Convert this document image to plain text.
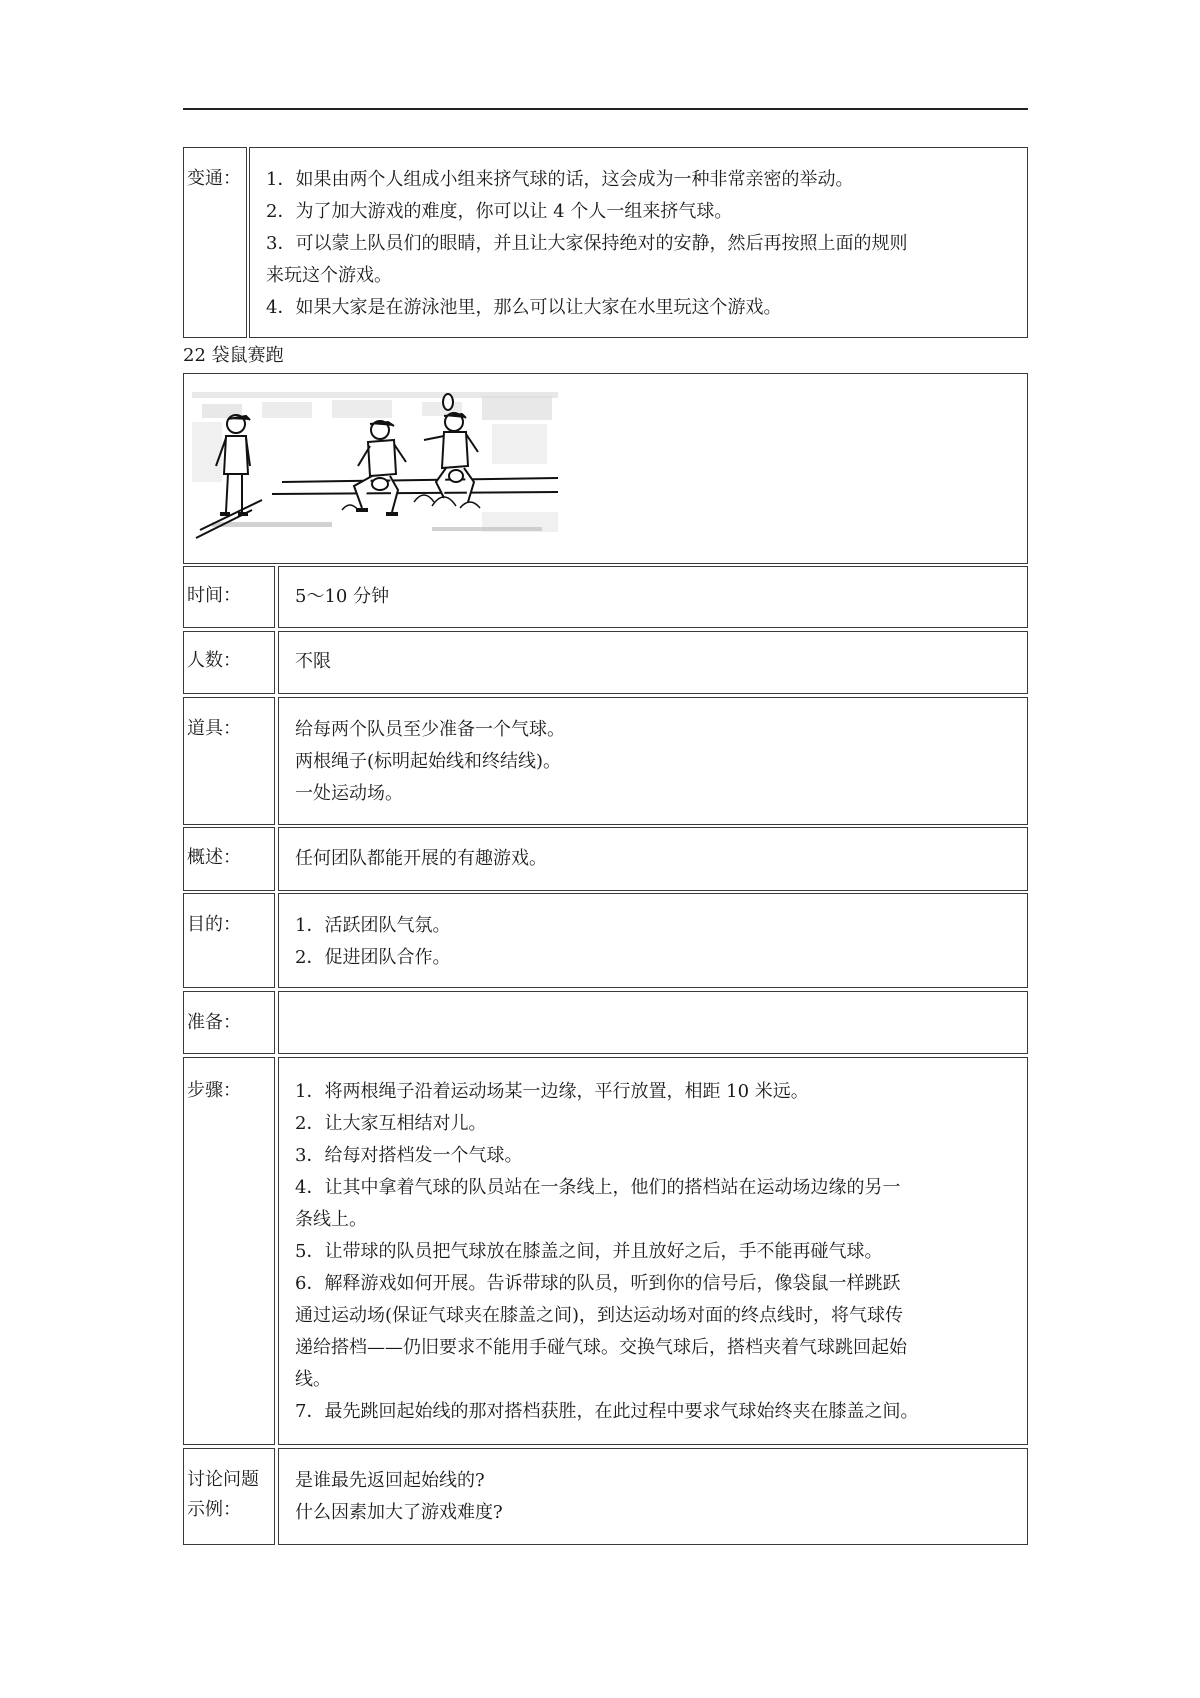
变通： 1．如果由两个人组成小组来挤气球的话，这会成为一种非常亲密的举动。
2．为了加大游戏的难度，你可以让 4 个人一组来挤气球。
3．可以蒙上队员们的眼睛，并且让大家保持绝对的安静，然后再按照上面的规则
来玩这个游戏。
4．如果大家是在游泳池里，那么可以让大家在水里玩这个游戏。
22 袋鼠赛跑
时间：	5～10 分钟
人数：	不限
道具：	给每两个队员至少准备一个气球。
两根绳子(标明起始线和终结线)。
一处运动场。
概述：	任何团队都能开展的有趣游戏。
目的：	1．活跃团队气氛。
2．促进团队合作。
准备：
步骤：	1．将两根绳子沿着运动场某一边缘，平行放置，相距 10 米远。
2．让大家互相结对儿。
3．给每对搭档发一个气球。
4．让其中拿着气球的队员站在一条线上，他们的搭档站在运动场边缘的另一
条线上。
5．让带球的队员把气球放在膝盖之间，并且放好之后，手不能再碰气球。
6．解释游戏如何开展。告诉带球的队员，听到你的信号后，像袋鼠一样跳跃
通过运动场(保证气球夹在膝盖之间)，到达运动场对面的终点线时，将气球传
递给搭档——仍旧要求不能用手碰气球。交换气球后，搭档夹着气球跳回起始
线。
7．最先跳回起始线的那对搭档获胜，在此过程中要求气球始终夹在膝盖之间。
讨论问题
示例：
是谁最先返回起始线的?
什么因素加大了游戏难度?
